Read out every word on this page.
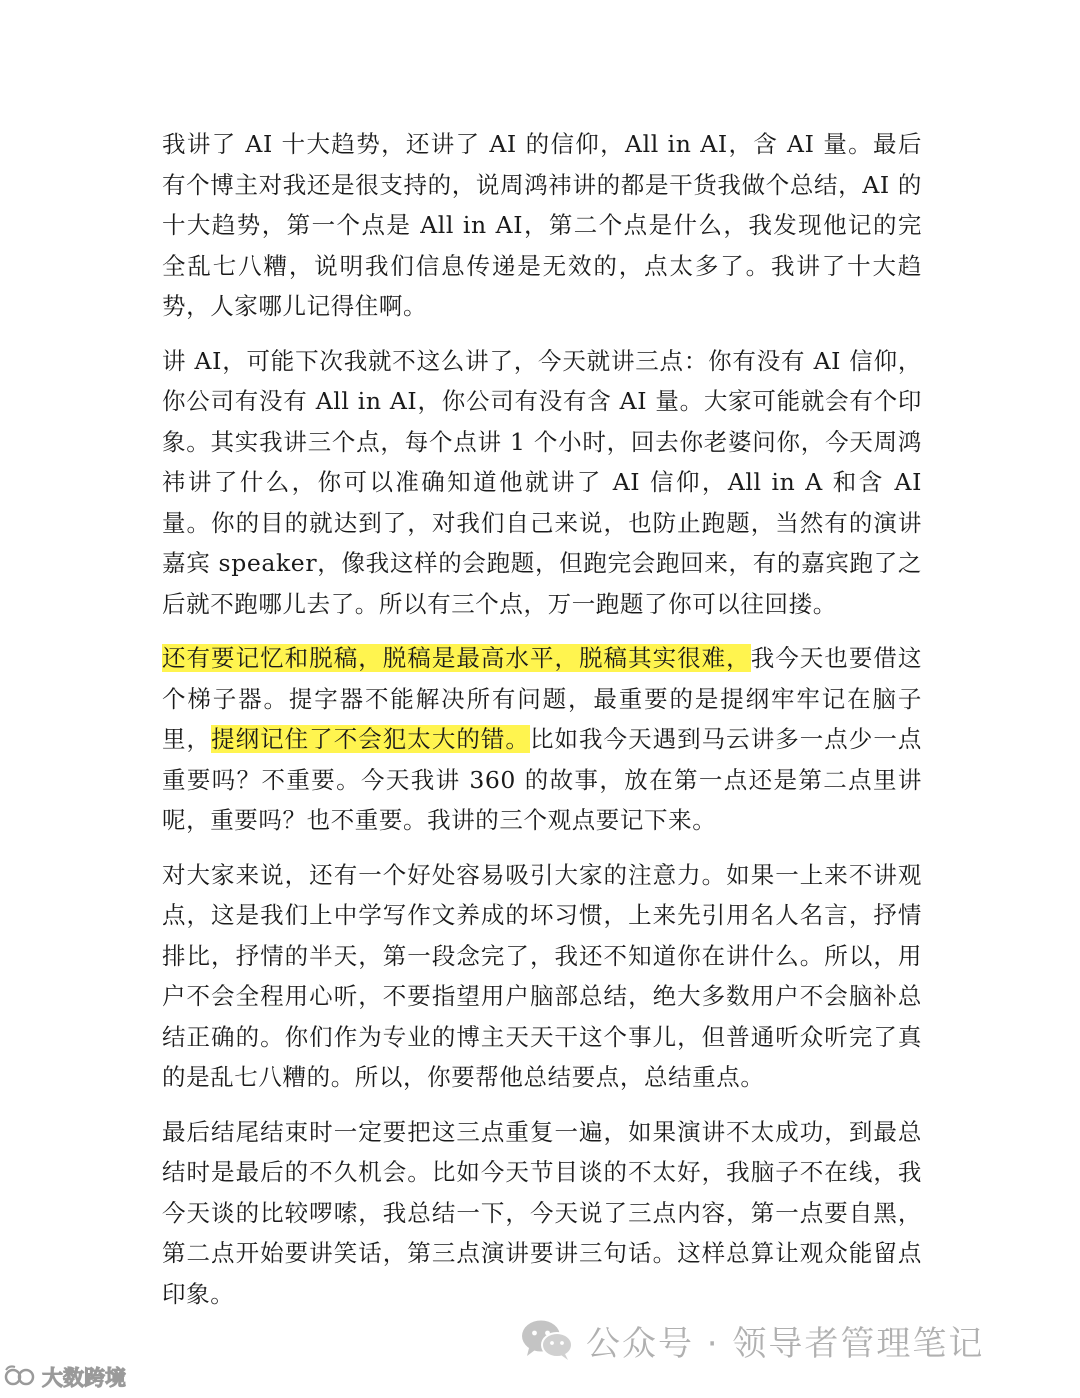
我讲了 AI 十大趋势，还讲了 AI 的信仰，All in AI，含 AI 量。最后有个博主对我还是很支持的，说周鸿祎讲的都是干货我做个总结，AI 的十大趋势，第一个点是 All in AI，第二个点是什么，我发现他记的完全乱七八糟，说明我们信息传递是无效的，点太多了。我讲了十大趋势，人家哪儿记得住啊。

讲 AI，可能下次我就不这么讲了，今天就讲三点：你有没有 AI 信仰，你公司有没有 All in AI，你公司有没有含 AI 量。大家可能就会有个印象。其实我讲三个点，每个点讲 1 个小时，回去你老婆问你，今天周鸿祎讲了什么，你可以准确知道他就讲了 AI 信仰，All in A 和含 AI 量。你的目的就达到了，对我们自己来说，也防止跑题，当然有的演讲嘉宾 speaker，像我这样的会跑题，但跑完会跑回来，有的嘉宾跑了之后就不跑哪儿去了。所以有三个点，万一跑题了你可以往回搂。

还有要记忆和脱稿，脱稿是最高水平，脱稿其实很难，我今天也要借这个梯子器。提字器不能解决所有问题，最重要的是提纲牢牢记在脑子里，提纲记住了不会犯太大的错。比如我今天遇到马云讲多一点少一点重要吗？不重要。今天我讲 360 的故事，放在第一点还是第二点里讲呢，重要吗？也不重要。我讲的三个观点要记下来。

对大家来说，还有一个好处容易吸引大家的注意力。如果一上来不讲观点，这是我们上中学写作文养成的坏习惯，上来先引用名人名言，抒情排比，抒情的半天，第一段念完了，我还不知道你在讲什么。所以，用户不会全程用心听，不要指望用户脑部总结，绝大多数用户不会脑补总结正确的。你们作为专业的博主天天干这个事儿，但普通听众听完了真的是乱七八糟的。所以，你要帮他总结要点，总结重点。

最后结尾结束时一定要把这三点重复一遍，如果演讲不太成功，到最总结时是最后的不久机会。比如今天节目谈的不太好，我脑子不在线，我今天谈的比较啰嗦，我总结一下，今天说了三点内容，第一点要自黑，第二点开始要讲笑话，第三点演讲要讲三句话。这样总算让观众能留点印象。

公众号 · 领导者管理笔记
大数跨境
